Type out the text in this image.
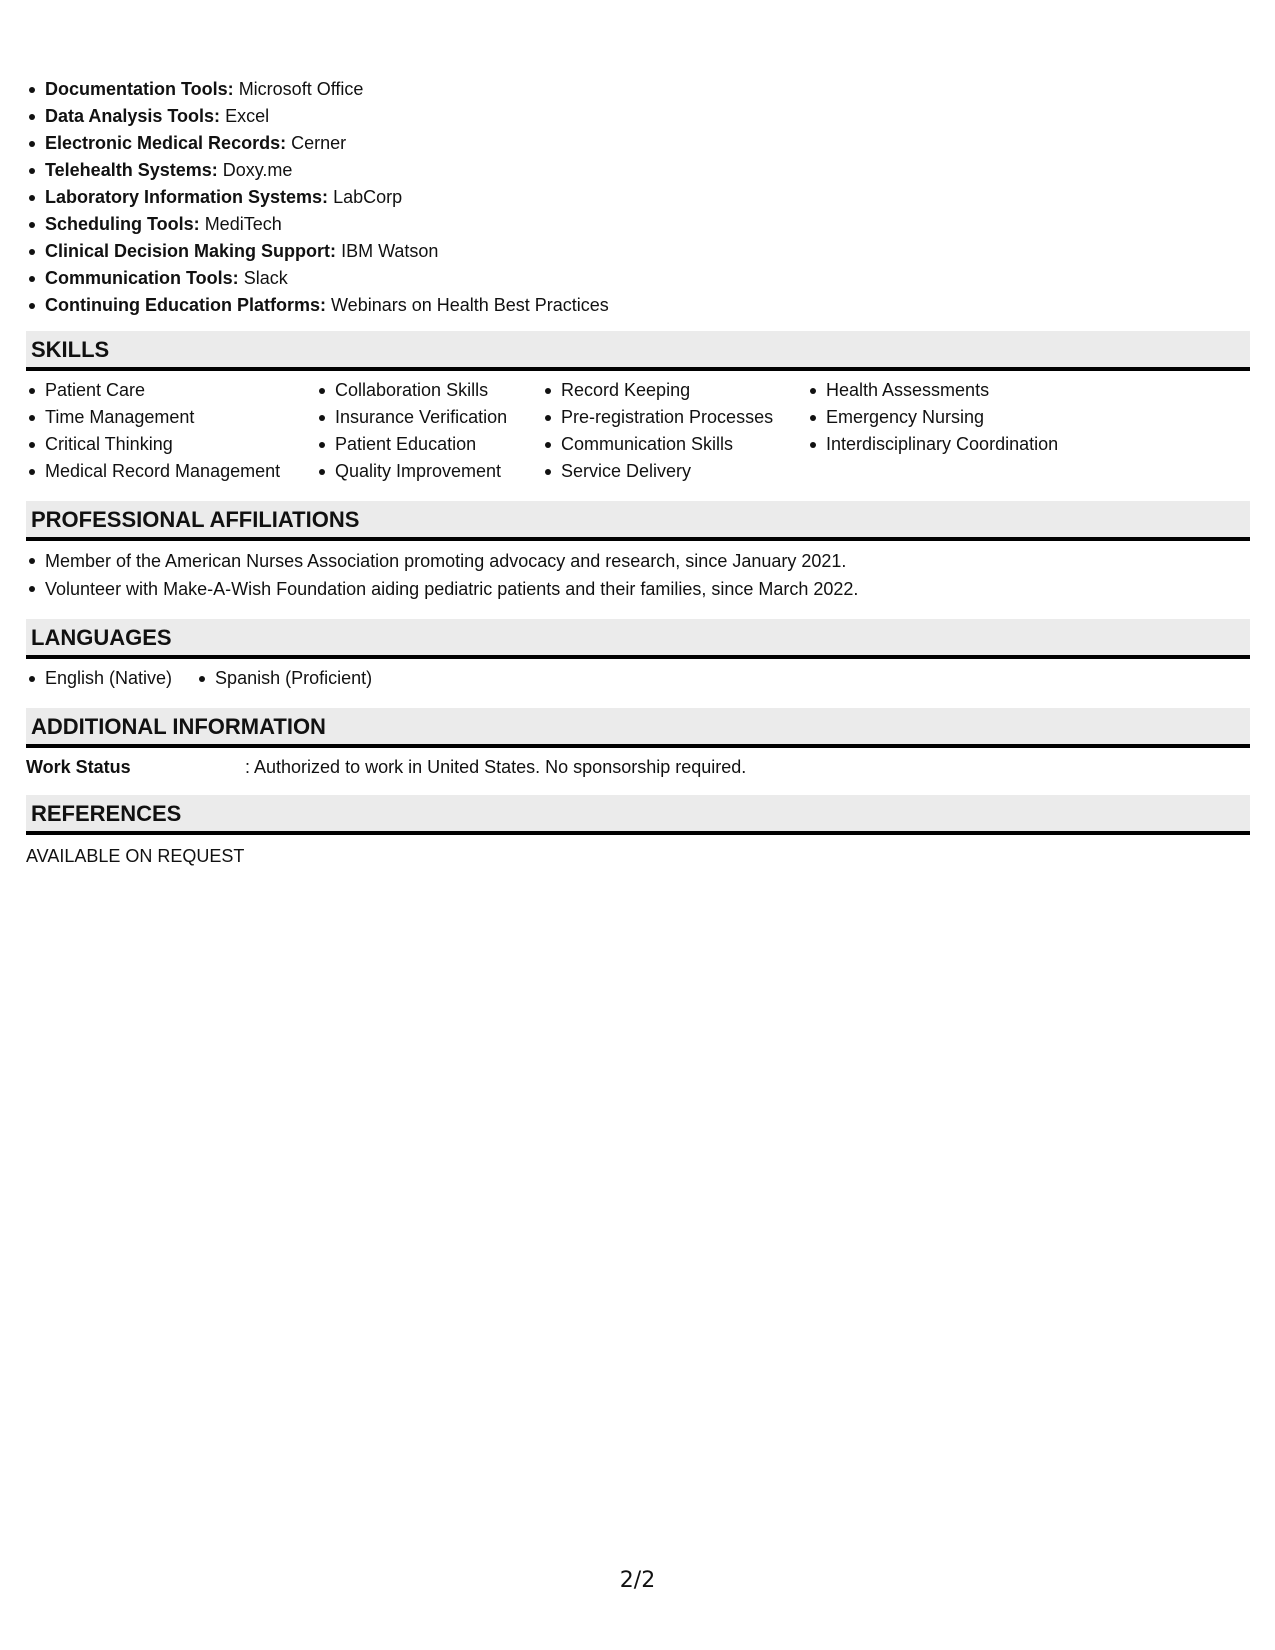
Documentation Tools: Microsoft Office
Data Analysis Tools: Excel
Electronic Medical Records: Cerner
Telehealth Systems: Doxy.me
Laboratory Information Systems: LabCorp
Scheduling Tools: MediTech
Clinical Decision Making Support: IBM Watson
Communication Tools: Slack
Continuing Education Platforms: Webinars on Health Best Practices
SKILLS
Patient Care
Time Management
Critical Thinking
Medical Record Management
Collaboration Skills
Insurance Verification
Patient Education
Quality Improvement
Record Keeping
Pre-registration Processes
Communication Skills
Service Delivery
Health Assessments
Emergency Nursing
Interdisciplinary Coordination
PROFESSIONAL AFFILIATIONS
Member of the American Nurses Association promoting advocacy and research, since January 2021.
Volunteer with Make-A-Wish Foundation aiding pediatric patients and their families, since March 2022.
LANGUAGES
English (Native)	Spanish (Proficient)
ADDITIONAL INFORMATION
Work Status	: Authorized to work in United States. No sponsorship required.
REFERENCES
AVAILABLE ON REQUEST
2/2
